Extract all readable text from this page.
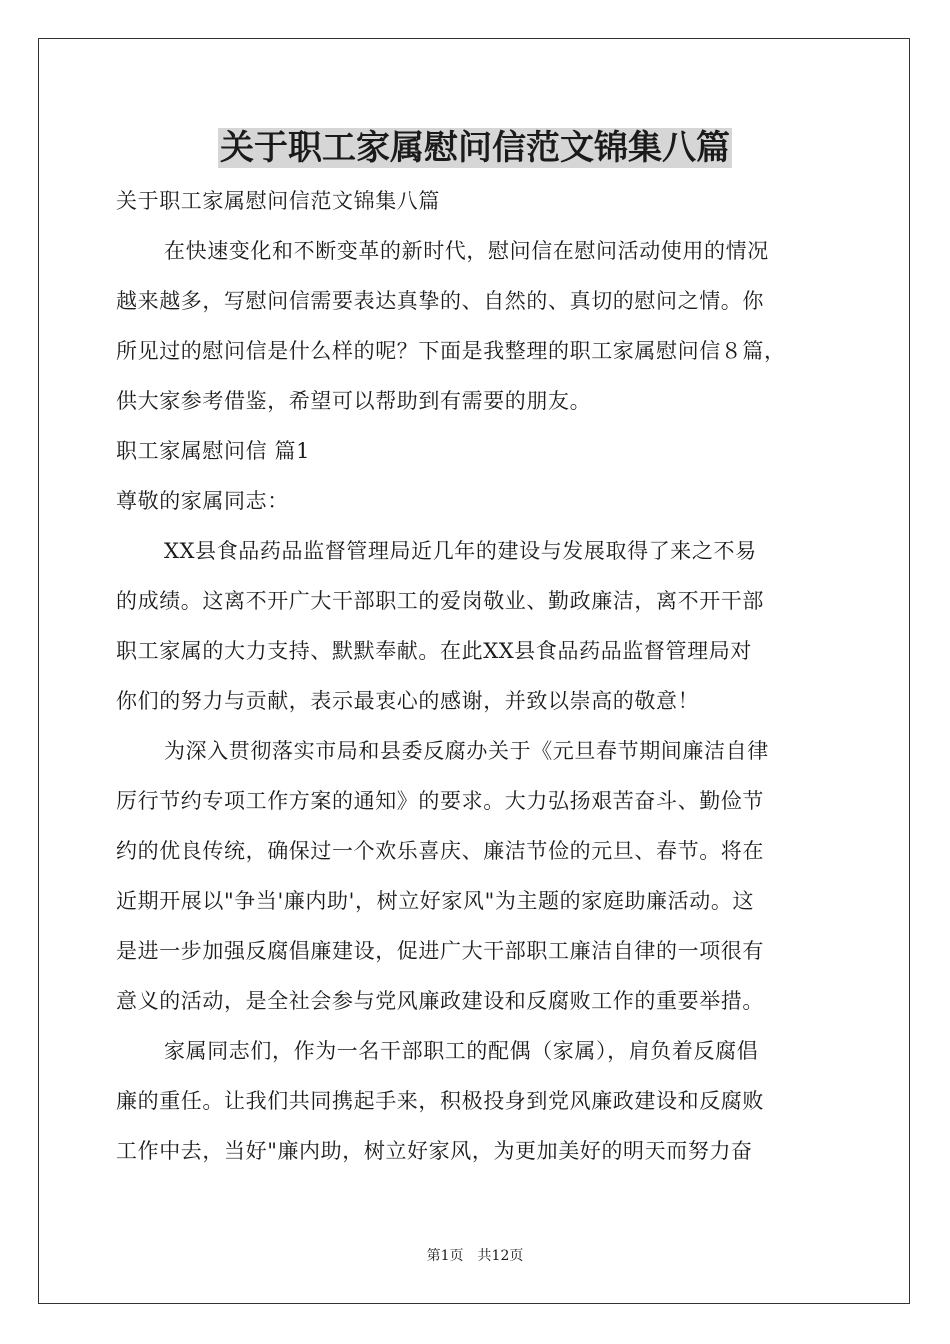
关于职工家属慰问信范文锦集八篇
关于职工家属慰问信范文锦集八篇
在快速变化和不断变革的新时代，慰问信在慰问活动使用的情况
越来越多，写慰问信需要表达真挚的、自然的、真切的慰问之情。你
所见过的慰问信是什么样的呢？下面是我整理的职工家属慰问信８篇，
供大家参考借鉴，希望可以帮助到有需要的朋友。
职工家属慰问信 篇1
尊敬的家属同志：
XX县食品药品监督管理局近几年的建设与发展取得了来之不易
的成绩。这离不开广大干部职工的爱岗敬业、勤政廉洁，离不开干部
职工家属的大力支持、默默奉献。在此XX县食品药品监督管理局对
你们的努力与贡献，表示最衷心的感谢，并致以崇高的敬意！
为深入贯彻落实市局和县委反腐办关于《元旦春节期间廉洁自律
厉行节约专项工作方案的通知》的要求。大力弘扬艰苦奋斗、勤俭节
约的优良传统，确保过一个欢乐喜庆、廉洁节俭的元旦、春节。将在
近期开展以"争当'廉内助'，树立好家风"为主题的家庭助廉活动。这
是进一步加强反腐倡廉建设，促进广大干部职工廉洁自律的一项很有
意义的活动，是全社会参与党风廉政建设和反腐败工作的重要举措。
家属同志们，作为一名干部职工的配偶（家属），肩负着反腐倡
廉的重任。让我们共同携起手来，积极投身到党风廉政建设和反腐败
工作中去，当好"廉内助，树立好家风，为更加美好的明天而努力奋
第1页 共12页
